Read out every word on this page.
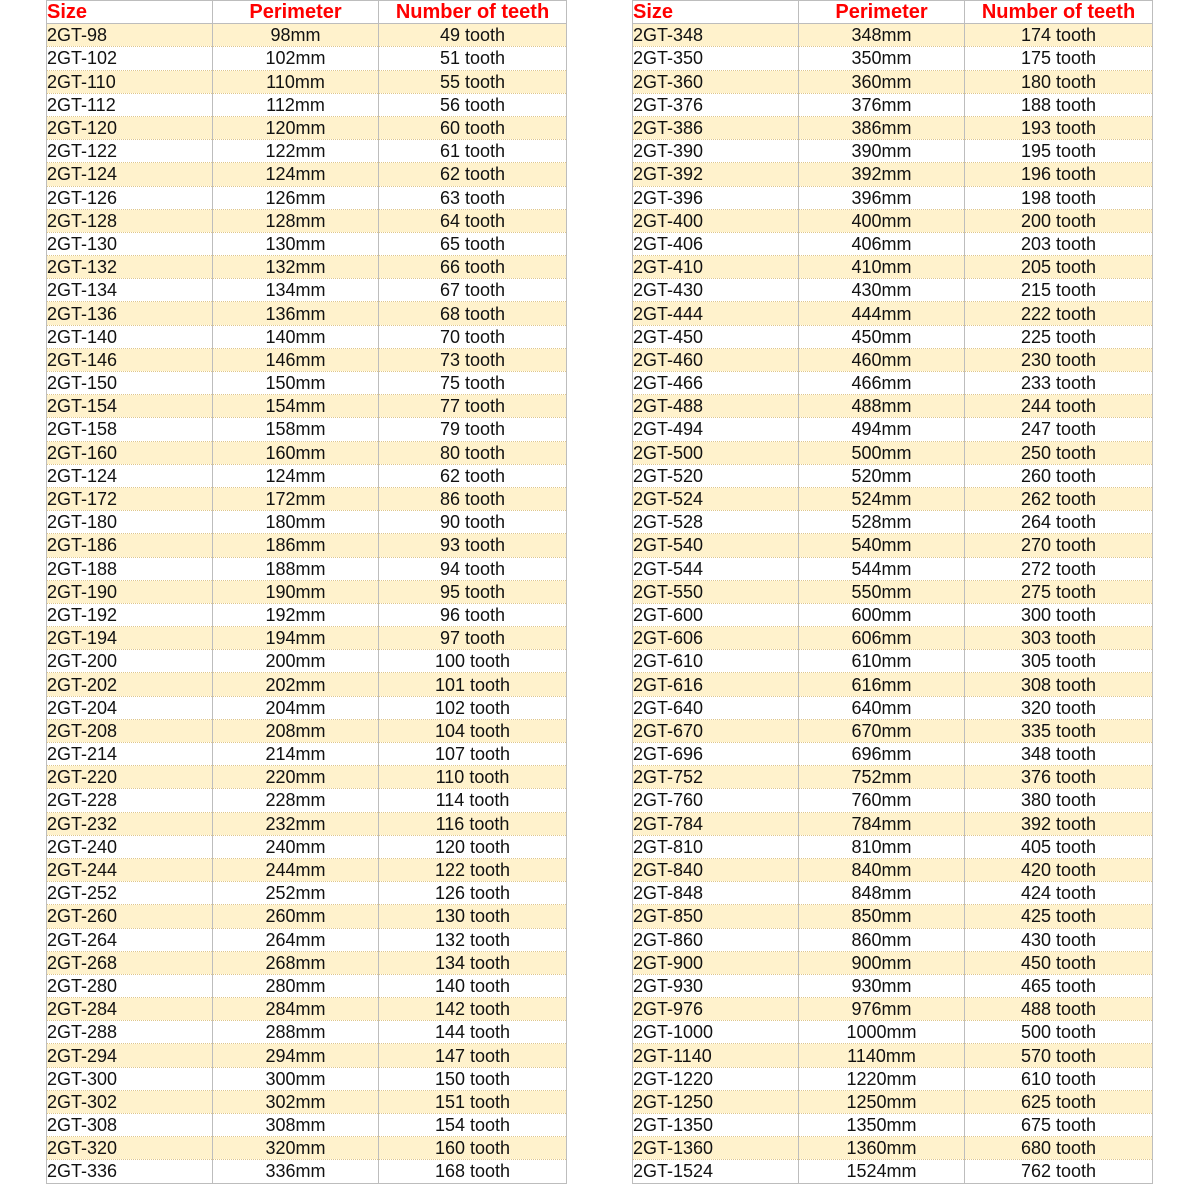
Size	Perimeter	Number of teeth
2GT-98	98mm	49 tooth
2GT-102	102mm	51 tooth
2GT-110	110mm	55 tooth
2GT-112	112mm	56 tooth
2GT-120	120mm	60 tooth
2GT-122	122mm	61 tooth
2GT-124	124mm	62 tooth
2GT-126	126mm	63 tooth
2GT-128	128mm	64 tooth
2GT-130	130mm	65 tooth
2GT-132	132mm	66 tooth
2GT-134	134mm	67 tooth
2GT-136	136mm	68 tooth
2GT-140	140mm	70 tooth
2GT-146	146mm	73 tooth
2GT-150	150mm	75 tooth
2GT-154	154mm	77 tooth
2GT-158	158mm	79 tooth
2GT-160	160mm	80 tooth
2GT-124	124mm	62 tooth
2GT-172	172mm	86 tooth
2GT-180	180mm	90 tooth
2GT-186	186mm	93 tooth
2GT-188	188mm	94 tooth
2GT-190	190mm	95 tooth
2GT-192	192mm	96 tooth
2GT-194	194mm	97 tooth
2GT-200	200mm	100 tooth
2GT-202	202mm	101 tooth
2GT-204	204mm	102 tooth
2GT-208	208mm	104 tooth
2GT-214	214mm	107 tooth
2GT-220	220mm	110 tooth
2GT-228	228mm	114 tooth
2GT-232	232mm	116 tooth
2GT-240	240mm	120 tooth
2GT-244	244mm	122 tooth
2GT-252	252mm	126 tooth
2GT-260	260mm	130 tooth
2GT-264	264mm	132 tooth
2GT-268	268mm	134 tooth
2GT-280	280mm	140 tooth
2GT-284	284mm	142 tooth
2GT-288	288mm	144 tooth
2GT-294	294mm	147 tooth
2GT-300	300mm	150 tooth
2GT-302	302mm	151 tooth
2GT-308	308mm	154 tooth
2GT-320	320mm	160 tooth
2GT-336	336mm	168 tooth
Size	Perimeter	Number of teeth
2GT-348	348mm	174 tooth
2GT-350	350mm	175 tooth
2GT-360	360mm	180 tooth
2GT-376	376mm	188 tooth
2GT-386	386mm	193 tooth
2GT-390	390mm	195 tooth
2GT-392	392mm	196 tooth
2GT-396	396mm	198 tooth
2GT-400	400mm	200 tooth
2GT-406	406mm	203 tooth
2GT-410	410mm	205 tooth
2GT-430	430mm	215 tooth
2GT-444	444mm	222 tooth
2GT-450	450mm	225 tooth
2GT-460	460mm	230 tooth
2GT-466	466mm	233 tooth
2GT-488	488mm	244 tooth
2GT-494	494mm	247 tooth
2GT-500	500mm	250 tooth
2GT-520	520mm	260 tooth
2GT-524	524mm	262 tooth
2GT-528	528mm	264 tooth
2GT-540	540mm	270 tooth
2GT-544	544mm	272 tooth
2GT-550	550mm	275 tooth
2GT-600	600mm	300 tooth
2GT-606	606mm	303 tooth
2GT-610	610mm	305 tooth
2GT-616	616mm	308 tooth
2GT-640	640mm	320 tooth
2GT-670	670mm	335 tooth
2GT-696	696mm	348 tooth
2GT-752	752mm	376 tooth
2GT-760	760mm	380 tooth
2GT-784	784mm	392 tooth
2GT-810	810mm	405 tooth
2GT-840	840mm	420 tooth
2GT-848	848mm	424 tooth
2GT-850	850mm	425 tooth
2GT-860	860mm	430 tooth
2GT-900	900mm	450 tooth
2GT-930	930mm	465 tooth
2GT-976	976mm	488 tooth
2GT-1000	1000mm	500 tooth
2GT-1140	1140mm	570 tooth
2GT-1220	1220mm	610 tooth
2GT-1250	1250mm	625 tooth
2GT-1350	1350mm	675 tooth
2GT-1360	1360mm	680 tooth
2GT-1524	1524mm	762 tooth
